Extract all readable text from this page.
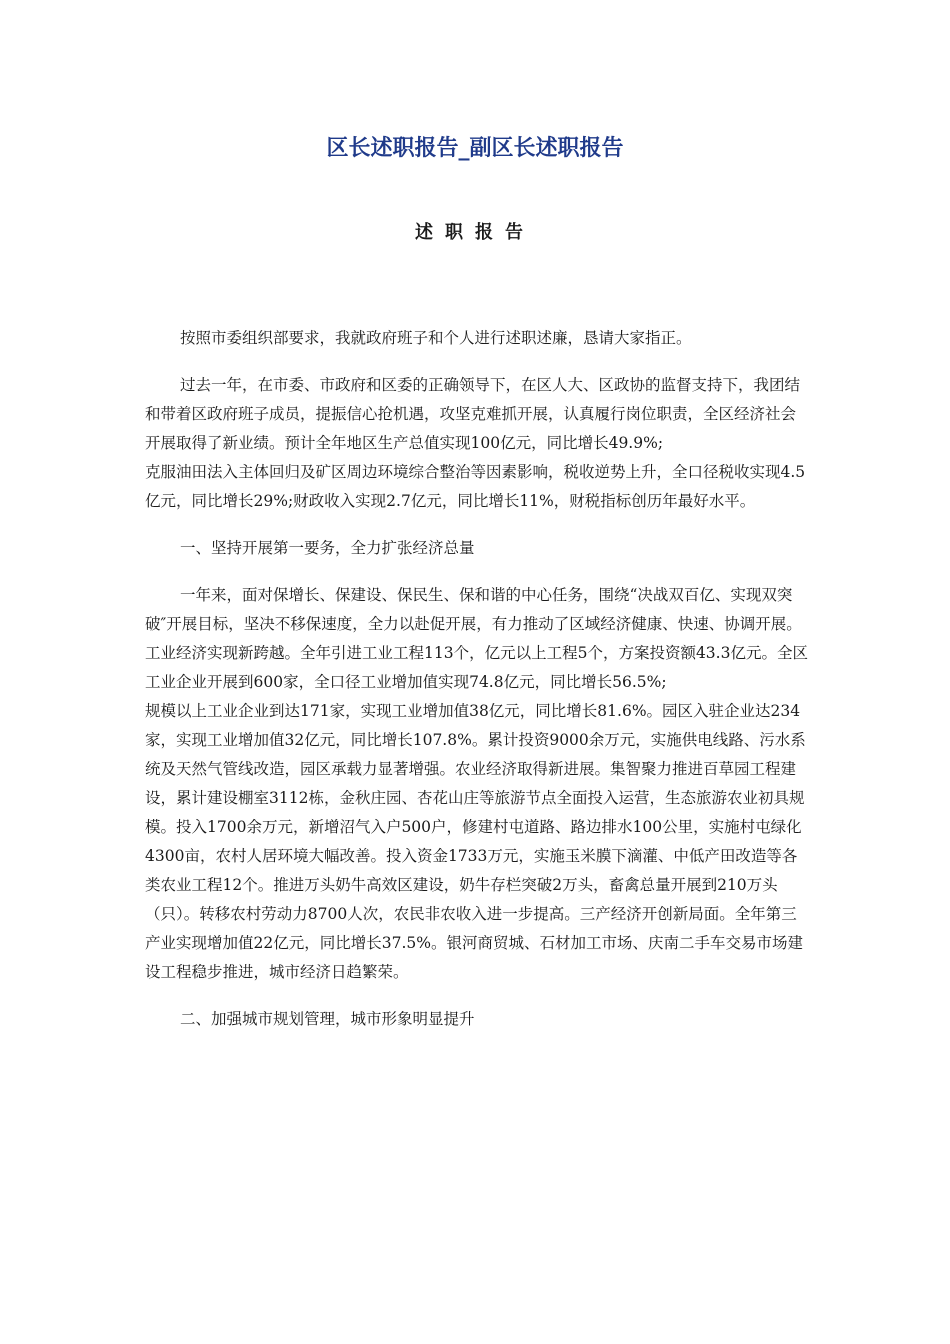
区长述职报告_副区长述职报告
述职报告

按照市委组织部要求，我就政府班子和个人进行述职述廉，恳请大家指正。

过去一年，在市委、市政府和区委的正确领导下，在区人大、区政协的监督支持下，我团结和带着区政府班子成员，提振信心抢机遇，攻坚克难抓开展，认真履行岗位职责，全区经济社会开展取得了新业绩。预计全年地区生产总值实现100亿元，同比增长49.9%;

克服油田法入主体回归及矿区周边环境综合整治等因素影响，税收逆势上升，全口径税收实现4.5亿元，同比增长29%;财政收入实现2.7亿元，同比增长11%，财税指标创历年最好水平。

一、坚持开展第一要务，全力扩张经济总量

一年来，面对保增长、保建设、保民生、保和谐的中心任务，围绕“决战双百亿、实现双突破″开展目标，坚决不移保速度，全力以赴促开展，有力推动了区域经济健康、快速、协调开展。工业经济实现新跨越。全年引进工业工程113个，亿元以上工程5个，方案投资额43.3亿元。全区工业企业开展到600家，全口径工业增加值实现74.8亿元，同比增长56.5%;

规模以上工业企业到达171家，实现工业增加值38亿元，同比增长81.6%。园区入驻企业达234家，实现工业增加值32亿元，同比增长107.8%。累计投资9000余万元，实施供电线路、污水系统及天然气管线改造，园区承载力显著增强。农业经济取得新进展。集智聚力推进百草园工程建设，累计建设棚室3112栋，金秋庄园、杏花山庄等旅游节点全面投入运营，生态旅游农业初具规模。投入1700余万元，新增沼气入户500户，修建村屯道路、路边排水100公里，实施村屯绿化4300亩，农村人居环境大幅改善。投入资金1733万元，实施玉米膜下滴灌、中低产田改造等各类农业工程12个。推进万头奶牛高效区建设，奶牛存栏突破2万头，畜禽总量开展到210万头（只）。转移农村劳动力8700人次，农民非农收入进一步提高。三产经济开创新局面。全年第三产业实现增加值22亿元，同比增长37.5%。银河商贸城、石材加工市场、庆南二手车交易市场建设工程稳步推进，城市经济日趋繁荣。

二、加强城市规划管理，城市形象明显提升
